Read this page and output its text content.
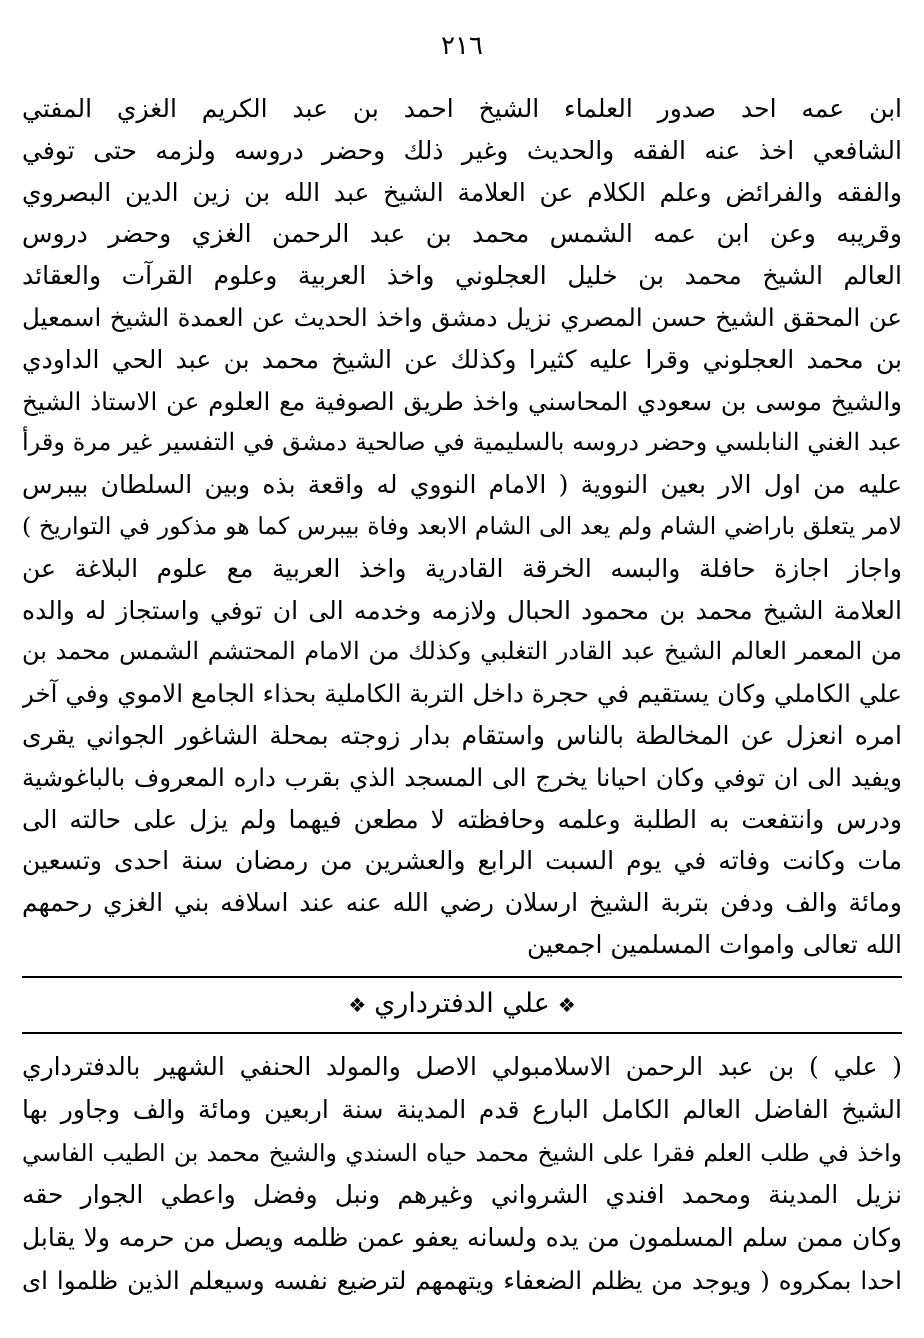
٢١٦
ابن عمه احد صدور العلماء الشيخ احمد بن عبد الكريم الغزي المفتي
الشافعي اخذ عنه الفقه والحديث وغير ذلك وحضر دروسه ولزمه حتى توفي
والفقه والفرائض وعلم الكلام عن العلامة الشيخ عبد الله بن زين الدين البصروي
وقريبه وعن ابن عمه الشمس محمد بن عبد الرحمن الغزي وحضر دروس
العالم الشيخ محمد بن خليل العجلوني واخذ العربية وعلوم القرآت والعقائد
عن المحقق الشيخ حسن المصري نزيل دمشق واخذ الحديث عن العمدة الشيخ اسمعيل
بن محمد العجلوني وقرا عليه كثيرا وكذلك عن الشيخ محمد بن عبد الحي الداودي
والشيخ موسى بن سعودي المحاسني واخذ طريق الصوفية مع العلوم عن الاستاذ الشيخ
عبد الغني النابلسي وحضر دروسه بالسليمية في صالحية دمشق في التفسير غير مرة وقرأ
عليه من اول الار بعين النووية ( الامام النووي له واقعة بذه وبين السلطان بيبرس
لامر يتعلق باراضي الشام ولم يعد الى الشام الابعد وفاة بيبرس كما هو مذكور في التواريخ )
واجاز اجازة حافلة والبسه الخرقة القادرية واخذ العربية مع علوم البلاغة عن
العلامة الشيخ محمد بن محمود الحبال ولازمه وخدمه الى ان توفي واستجاز له والده
من المعمر العالم الشيخ عبد القادر التغلبي وكذلك من الامام المحتشم الشمس محمد بن
علي الكاملي وكان يستقيم في حجرة داخل التربة الكاملية بحذاء الجامع الاموي وفي آخر
امره انعزل عن المخالطة بالناس واستقام بدار زوجته بمحلة الشاغور الجواني يقرى
ويفيد الى ان توفي وكان احيانا يخرج الى المسجد الذي بقرب داره المعروف بالباغوشية
ودرس وانتفعت به الطلبة وعلمه وحافظته لا مطعن فيهما ولم يزل على حالته الى
مات وكانت وفاته في يوم السبت الرابع والعشرين من رمضان سنة احدى وتسعين
ومائة والف ودفن بتربة الشيخ ارسلان رضي الله عنه عند اسلافه بني الغزي رحمهم
الله تعالى واموات المسلمين اجمعين
❖علي الدفترداري❖
( علي ) بن عبد الرحمن الاسلامبولي الاصل والمولد الحنفي الشهير بالدفترداري
الشيخ الفاضل العالم الكامل البارع قدم المدينة سنة اربعين ومائة والف وجاور بها
واخذ في طلب العلم فقرا على الشيخ محمد حياه السندي والشيخ محمد بن الطيب الفاسي
نزيل المدينة ومحمد افندي الشرواني وغيرهم ونبل وفضل واعطي الجوار حقه
وكان ممن سلم المسلمون من يده ولسانه يعفو عمن ظلمه ويصل من حرمه ولا يقابل
احدا بمكروه ( ويوجد من يظلم الضعفاء ويتهمهم لترضيع نفسه وسيعلم الذين ظلموا اى
